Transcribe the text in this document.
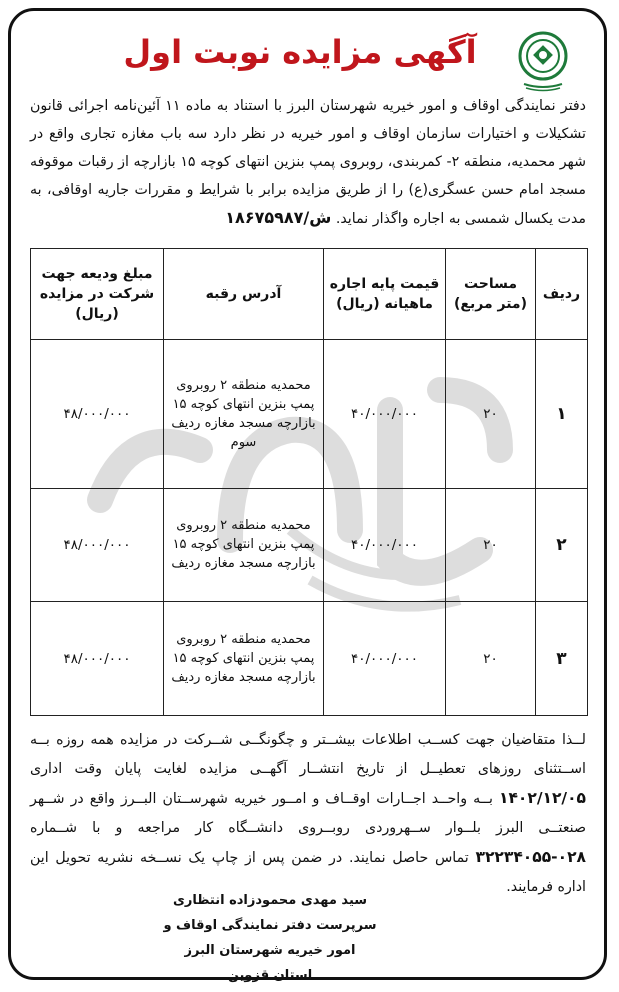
آگهی مزایده نوبت اول
دفتر نمایندگی اوقاف و امور خیریه شهرستان البرز با استناد به ماده ۱۱ آئین‌نامه اجرائی قانون تشکیلات و اختیارات سازمان اوقاف و امور خیریه در نظر دارد سه باب مغازه تجاری واقع در شهر محمدیه، منطقه ۲- کمربندی، روبروی پمپ بنزین انتهای کوچه ۱۵ بازارچه از رقبات موقوفه مسجد امام حسن عسگری(ع) را از طریق مزایده برابر با شرایط و مقررات جاریه اوقافی، به مدت یکسال شمسی به اجاره واگذار نماید. ش/۱۸۶۷۵۹۸۷
ردیف	مساحت (متر مربع)	قیمت پایه اجاره ماهیانه (ریال)	آدرس رقبه	مبلغ ودیعه جهت شرکت در مزایده (ریال)
۱	۲۰	۴۰/۰۰۰/۰۰۰	محمدیه منطقه ۲ روبروی پمپ بنزین انتهای کوچه ۱۵ بازارچه مسجد مغازه ردیف سوم	۴۸/۰۰۰/۰۰۰
۲	۲۰	۴۰/۰۰۰/۰۰۰	محمدیه منطقه ۲ روبروی پمپ بنزین انتهای کوچه ۱۵ بازارچه مسجد مغازه ردیف	۴۸/۰۰۰/۰۰۰
۳	۲۰	۴۰/۰۰۰/۰۰۰	محمدیه منطقه ۲ روبروی پمپ بنزین انتهای کوچه ۱۵ بازارچه مسجد مغازه ردیف	۴۸/۰۰۰/۰۰۰
لــذا متقاضیان جهت کســب اطلاعات بیشــتر و چگونگــی شــرکت در مزایده همه روزه بــه اســتثنای روزهای تعطیــل از تاریخ انتشــار آگهــی مزایده لغایت پایان وقت اداری ۱۴۰۲/۱۲/۰۵ بــه واحــد اجــارات اوقــاف و امــور خیریه شهرســتان البــرز واقع در شــهر صنعتــی البرز بلــوار ســهروردی روبــروی دانشــگاه کار مراجعه و با شــماره ۰۲۸-۳۲۲۳۴۰۵۵ تماس حاصل نمایند. در ضمن پس از چاپ یک نســخه نشریه تحویل این اداره فرمایند.
سید مهدی محمودزاده انتظاری
سرپرست دفتر نمایندگی اوقاف و امور خیریه شهرستان البرز
استان قزوین
